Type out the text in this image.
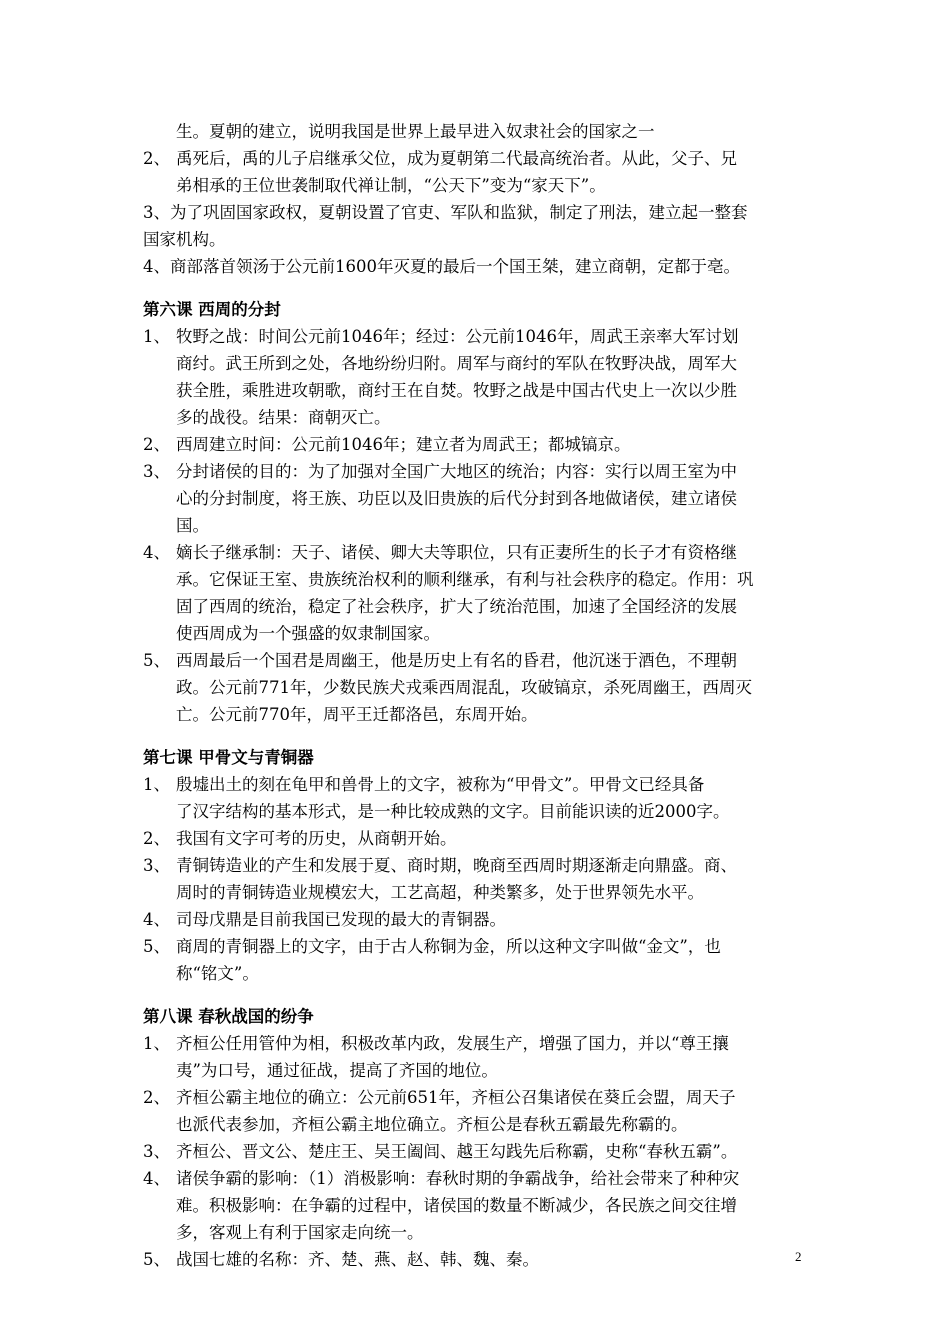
生。夏朝的建立，说明我国是世界上最早进入奴隶社会的国家之一
2、 禹死后，禹的儿子启继承父位，成为夏朝第二代最高统治者。从此，父子、兄
弟相承的王位世袭制取代禅让制，“公天下”变为“家天下”。
3、为了巩固国家政权，夏朝设置了官吏、军队和监狱，制定了刑法，建立起一整套
国家机构。
4、商部落首领汤于公元前1600年灭夏的最后一个国王桀，建立商朝，定都于亳。
第六课 西周的分封
1、 牧野之战：时间公元前1046年；经过：公元前1046年，周武王亲率大军讨划
商纣。武王所到之处，各地纷纷归附。周军与商纣的军队在牧野决战，周军大
获全胜，乘胜进攻朝歌，商纣王在自焚。牧野之战是中国古代史上一次以少胜
多的战役。结果：商朝灭亡。
2、 西周建立时间：公元前1046年；建立者为周武王；都城镐京。
3、 分封诸侯的目的：为了加强对全国广大地区的统治；内容：实行以周王室为中
心的分封制度，将王族、功臣以及旧贵族的后代分封到各地做诸侯，建立诸侯
国。
4、 嫡长子继承制：天子、诸侯、卿大夫等职位，只有正妻所生的长子才有资格继
承。它保证王室、贵族统治权利的顺利继承，有利与社会秩序的稳定。作用：巩
固了西周的统治，稳定了社会秩序，扩大了统治范围，加速了全国经济的发展
使西周成为一个强盛的奴隶制国家。
5、 西周最后一个国君是周幽王，他是历史上有名的昏君，他沉迷于酒色，不理朝
政。公元前771年，少数民族犬戎乘西周混乱，攻破镐京，杀死周幽王，西周灭
亡。公元前770年，周平王迁都洛邑，东周开始。
第七课 甲骨文与青铜器
1、 殷墟出土的刻在龟甲和兽骨上的文字，被称为“甲骨文”。甲骨文已经具备
了汉字结构的基本形式，是一种比较成熟的文字。目前能识读的近2000字。
2、 我国有文字可考的历史，从商朝开始。
3、 青铜铸造业的产生和发展于夏、商时期，晚商至西周时期逐渐走向鼎盛。商、
周时的青铜铸造业规模宏大，工艺高超，种类繁多，处于世界领先水平。
4、 司母戊鼎是目前我国已发现的最大的青铜器。
5、 商周的青铜器上的文字，由于古人称铜为金，所以这种文字叫做“金文”，也
称“铭文”。
第八课 春秋战国的纷争
1、 齐桓公任用管仲为相，积极改革内政，发展生产，增强了国力，并以“尊王攘
夷”为口号，通过征战，提高了齐国的地位。
2、 齐桓公霸主地位的确立：公元前651年，齐桓公召集诸侯在葵丘会盟，周天子
也派代表参加，齐桓公霸主地位确立。齐桓公是春秋五霸最先称霸的。
3、 齐桓公、晋文公、楚庄王、吴王阖闾、越王勾践先后称霸，史称“春秋五霸”。
4、 诸侯争霸的影响：（1）消极影响：春秋时期的争霸战争，给社会带来了种种灾
难。积极影响：在争霸的过程中，诸侯国的数量不断减少，各民族之间交往增
多，客观上有利于国家走向统一。
5、 战国七雄的名称：齐、楚、燕、赵、韩、魏、秦。	2
